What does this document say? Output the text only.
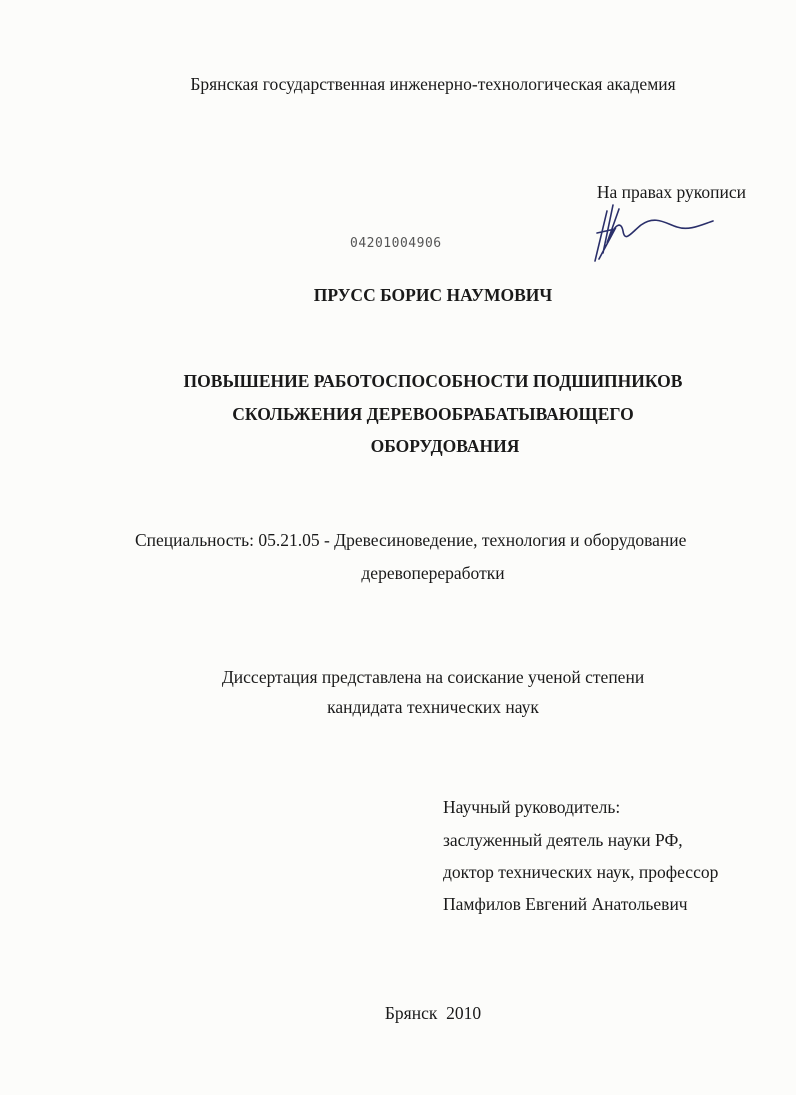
Брянская государственная инженерно-технологическая академия
На правах рукописи
04201004906
ПРУСС БОРИС НАУМОВИЧ
ПОВЫШЕНИЕ РАБОТОСПОСОБНОСТИ ПОДШИПНИКОВ
СКОЛЬЖЕНИЯ ДЕРЕВООБРАБАТЫВАЮЩЕГО
ОБОРУДОВАНИЯ
Специальность: 05.21.05 - Древесиноведение, технология и оборудование
деревопереработки
Диссертация представлена на соискание ученой степени
кандидата технических наук
Научный руководитель:
заслуженный деятель науки РФ,
доктор технических наук, профессор
Памфилов Евгений Анатольевич
Брянск  2010
